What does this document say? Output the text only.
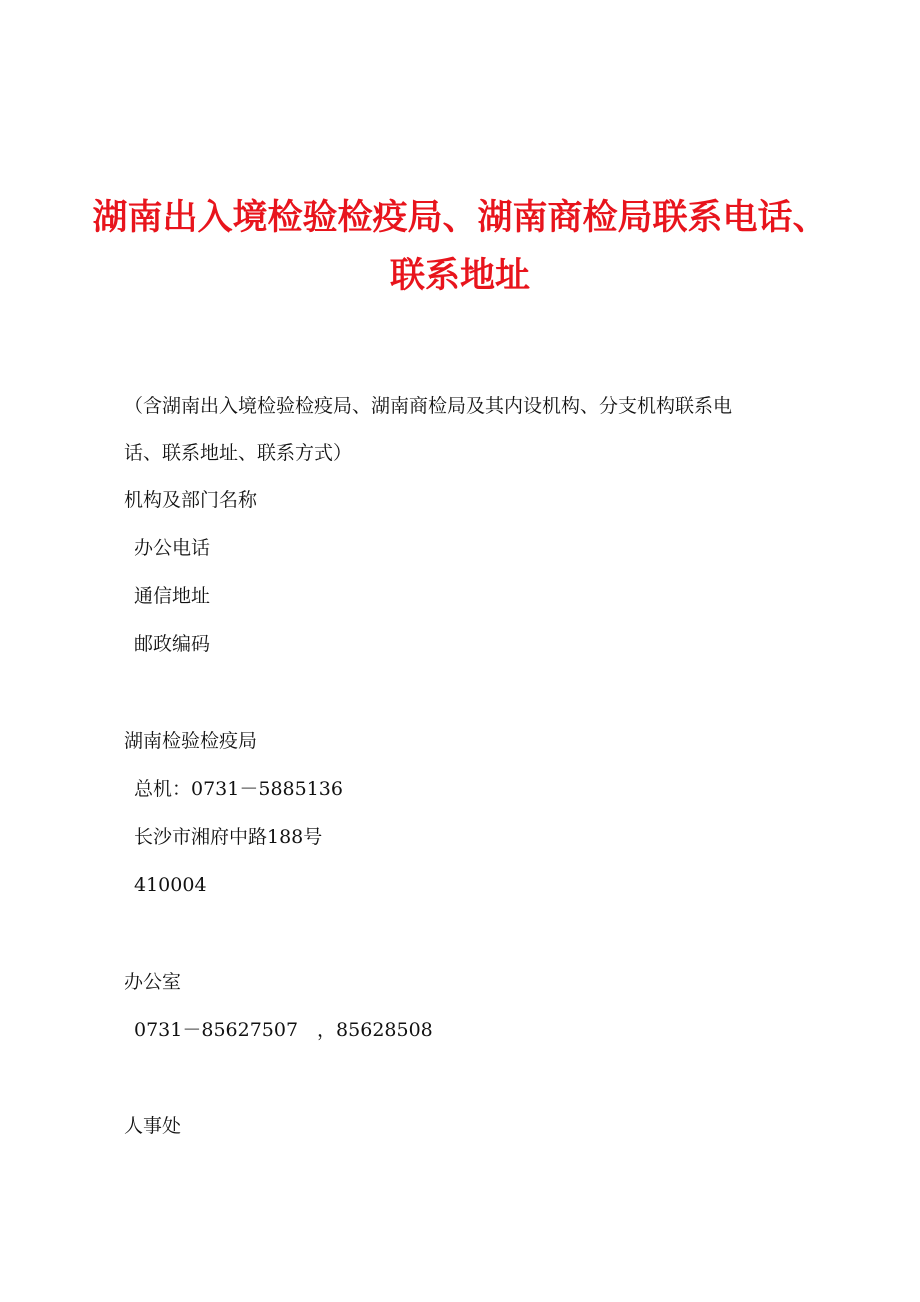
湖南出入境检验检疫局、湖南商检局联系电话、
联系地址
（含湖南出入境检验检疫局、湖南商检局及其内设机构、分支机构联系电
话、联系地址、联系方式）
机构及部门名称
办公电话
通信地址
邮政编码
湖南检验检疫局
总机：0731－5885136
长沙市湘府中路188号
410004
办公室
0731－85627507　，85628508
人事处
